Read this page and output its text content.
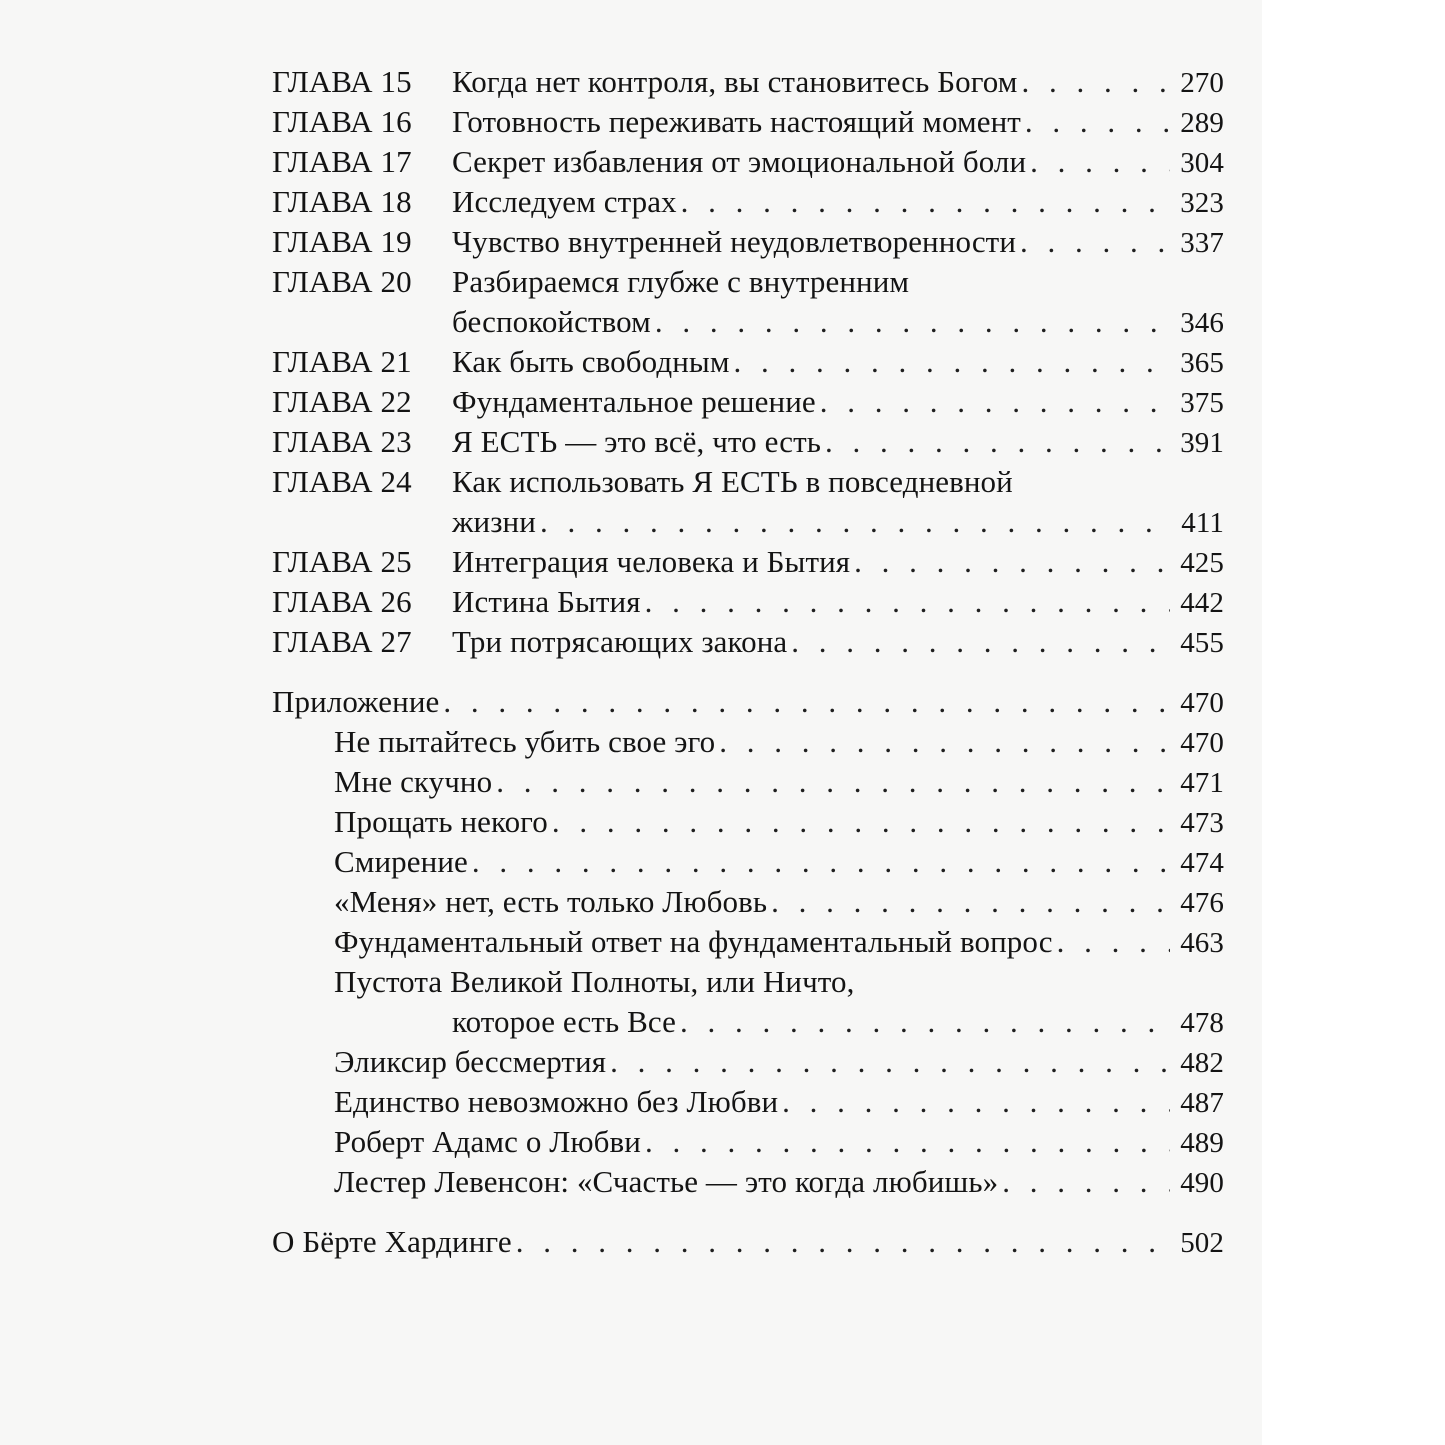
ГЛАВА 15	Когда нет контроля, вы становитесь Богом . . .	270
ГЛАВА 16	Готовность переживать настоящий момент . . .	289
ГЛАВА 17	Секрет избавления от эмоциональной боли . . .	304
ГЛАВА 18	Исследуем страх . . .	323
ГЛАВА 19	Чувство внутренней неудовлетворенности . . .	337
ГЛАВА 20	Разбираемся глубже с внутренним
беспокойством . . .	346
ГЛАВА 21	Как быть свободным . . .	365
ГЛАВА 22	Фундаментальное решение . . .	375
ГЛАВА 23	Я ЕСТЬ — это всё, что есть . . .	391
ГЛАВА 24	Как использовать Я ЕСТЬ в повседневной
жизни . . .	411
ГЛАВА 25	Интеграция человека и Бытия . . .	425
ГЛАВА 26	Истина Бытия . . .	442
ГЛАВА 27	Три потрясающих закона . . .	455
Приложение . . .	470
Не пытайтесь убить свое эго . . .	470
Мне скучно . . .	471
Прощать некого . . .	473
Смирение . . .	474
«Меня» нет, есть только Любовь . . .	476
Фундаментальный ответ на фундаментальный вопрос . . .	463
Пустота Великой Полноты, или Ничто,
которое есть Все . . .	478
Эликсир бессмертия . . .	482
Единство невозможно без Любви . . .	487
Роберт Адамс о Любви . . .	489
Лестер Левенсон: «Счастье — это когда любишь» . . .	490
О Бёрте Хардинге . . .	502
